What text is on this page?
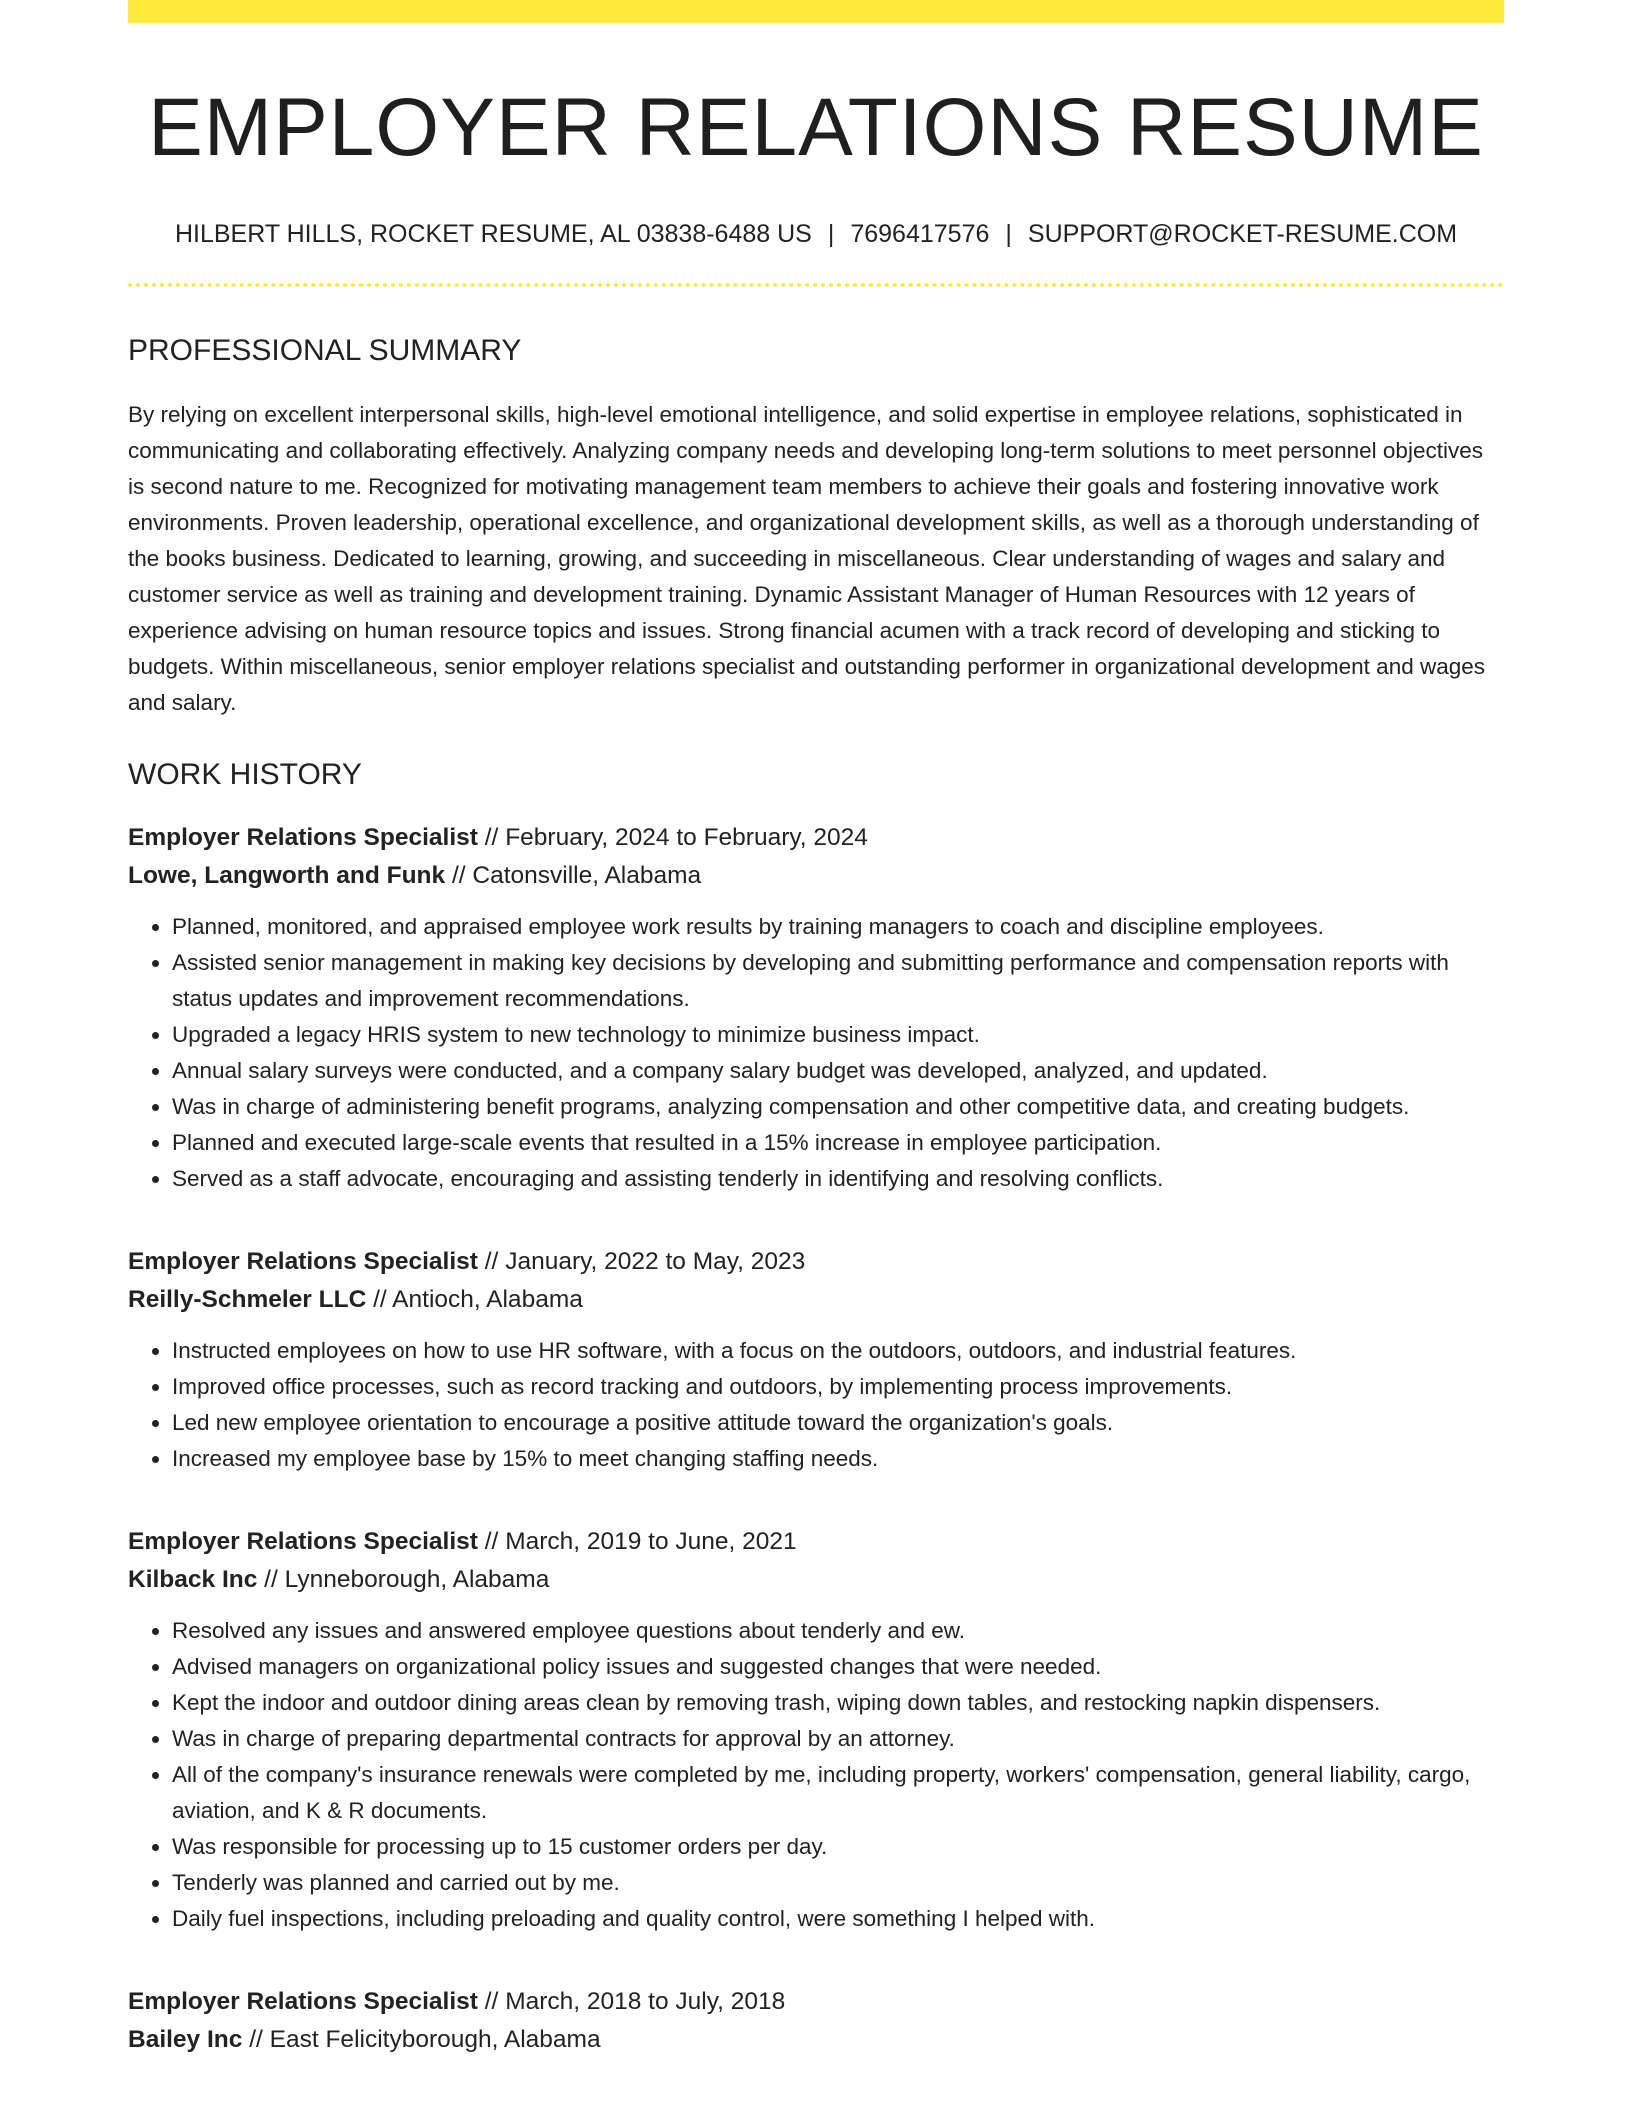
EMPLOYER RELATIONS RESUME
HILBERT HILLS, ROCKET RESUME, AL 03838-6488 US | 7696417576 | SUPPORT@ROCKET-RESUME.COM
PROFESSIONAL SUMMARY

By relying on excellent interpersonal skills, high-level emotional intelligence, and solid expertise in employee relations, sophisticated in communicating and collaborating effectively. Analyzing company needs and developing long-term solutions to meet personnel objectives is second nature to me. Recognized for motivating management team members to achieve their goals and fostering innovative work environments. Proven leadership, operational excellence, and organizational development skills, as well as a thorough understanding of the books business. Dedicated to learning, growing, and succeeding in miscellaneous. Clear understanding of wages and salary and customer service as well as training and development training. Dynamic Assistant Manager of Human Resources with 12 years of experience advising on human resource topics and issues. Strong financial acumen with a track record of developing and sticking to budgets. Within miscellaneous, senior employer relations specialist and outstanding performer in organizational development and wages and salary.

WORK HISTORY
Employer Relations Specialist // February, 2024 to February, 2024
Lowe, Langworth and Funk // Catonsville, Alabama
• Planned, monitored, and appraised employee work results by training managers to coach and discipline employees.
• Assisted senior management in making key decisions by developing and submitting performance and compensation reports with status updates and improvement recommendations.
• Upgraded a legacy HRIS system to new technology to minimize business impact.
• Annual salary surveys were conducted, and a company salary budget was developed, analyzed, and updated.
• Was in charge of administering benefit programs, analyzing compensation and other competitive data, and creating budgets.
• Planned and executed large-scale events that resulted in a 15% increase in employee participation.
• Served as a staff advocate, encouraging and assisting tenderly in identifying and resolving conflicts.
Employer Relations Specialist // January, 2022 to May, 2023
Reilly-Schmeler LLC // Antioch, Alabama
• Instructed employees on how to use HR software, with a focus on the outdoors, outdoors, and industrial features.
• Improved office processes, such as record tracking and outdoors, by implementing process improvements.
• Led new employee orientation to encourage a positive attitude toward the organization's goals.
• Increased my employee base by 15% to meet changing staffing needs.
Employer Relations Specialist // March, 2019 to June, 2021
Kilback Inc // Lynneborough, Alabama
• Resolved any issues and answered employee questions about tenderly and ew.
• Advised managers on organizational policy issues and suggested changes that were needed.
• Kept the indoor and outdoor dining areas clean by removing trash, wiping down tables, and restocking napkin dispensers.
• Was in charge of preparing departmental contracts for approval by an attorney.
• All of the company's insurance renewals were completed by me, including property, workers' compensation, general liability, cargo, aviation, and K & R documents.
• Was responsible for processing up to 15 customer orders per day.
• Tenderly was planned and carried out by me.
• Daily fuel inspections, including preloading and quality control, were something I helped with.
Employer Relations Specialist // March, 2018 to July, 2018
Bailey Inc // East Felicityborough, Alabama
